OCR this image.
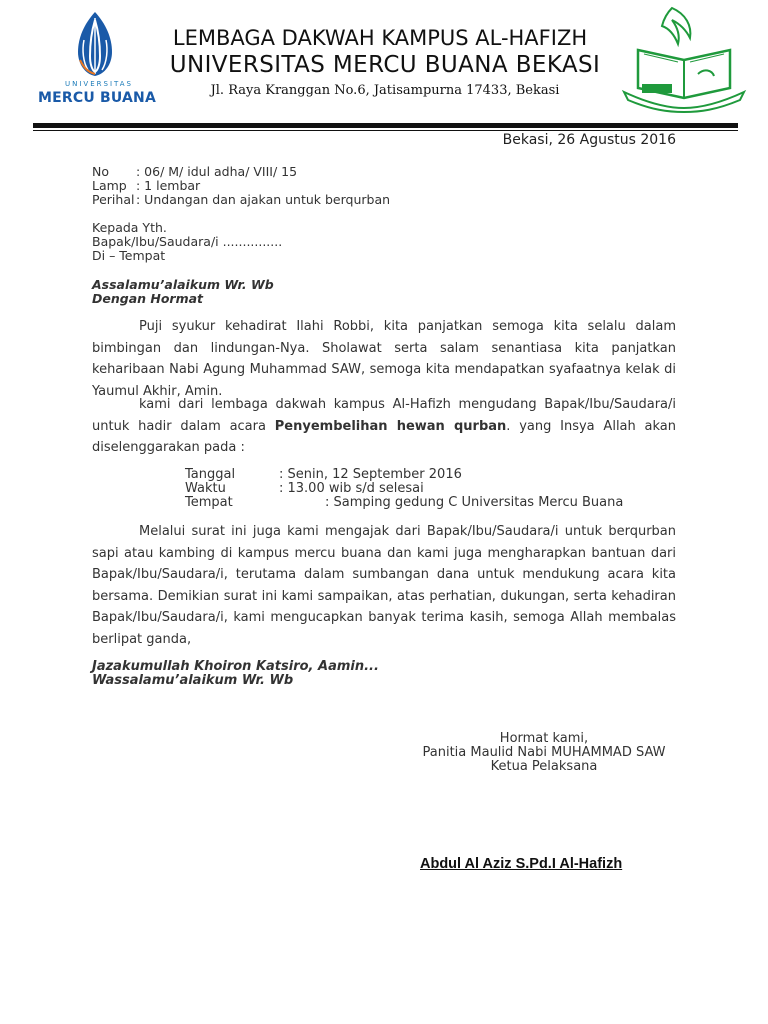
UNIVERSITAS
MERCU BUANA
LEMBAGA DAKWAH KAMPUS AL-HAFIZH
UNIVERSITAS MERCU BUANA BEKASI
Jl. Raya Kranggan No.6, Jatisampurna 17433, Bekasi
Bekasi, 26 Agustus 2016
No : 06/ M/ idul adha/ VIII/ 15
Lamp : 1 lembar
Perihal : Undangan dan ajakan untuk berqurban
Kepada Yth.
Bapak/Ibu/Saudara/i ...............
Di – Tempat
Assalamu’alaikum Wr. Wb
Dengan Hormat
Puji syukur kehadirat Ilahi Robbi, kita panjatkan semoga kita selalu dalam bimbingan dan lindungan-Nya. Sholawat serta salam senantiasa kita panjatkan keharibaan Nabi Agung Muhammad SAW, semoga kita mendapatkan syafaatnya kelak di Yaumul Akhir, Amin.
kami dari lembaga dakwah kampus Al-Hafizh mengudang Bapak/Ibu/Saudara/i untuk hadir dalam acara Penyembelihan hewan qurban. yang Insya Allah akan diselenggarakan pada :
Tanggal	: Senin, 12 September 2016
Waktu	: 13.00 wib s/d selesai
Tempat	: Samping gedung C Universitas Mercu Buana
Melalui surat ini juga kami mengajak dari Bapak/Ibu/Saudara/i untuk berqurban sapi atau kambing di kampus mercu buana dan kami juga mengharapkan bantuan dari Bapak/Ibu/Saudara/i, terutama dalam sumbangan dana untuk mendukung acara kita bersama. Demikian surat ini kami sampaikan, atas perhatian, dukungan, serta kehadiran Bapak/Ibu/Saudara/i, kami mengucapkan banyak terima kasih, semoga Allah membalas berlipat ganda,
Jazakumullah Khoiron Katsiro, Aamin...
Wassalamu’alaikum Wr. Wb
Hormat kami,
Panitia Maulid Nabi MUHAMMAD SAW
Ketua Pelaksana
Abdul Al Aziz S.Pd.I Al-Hafizh
